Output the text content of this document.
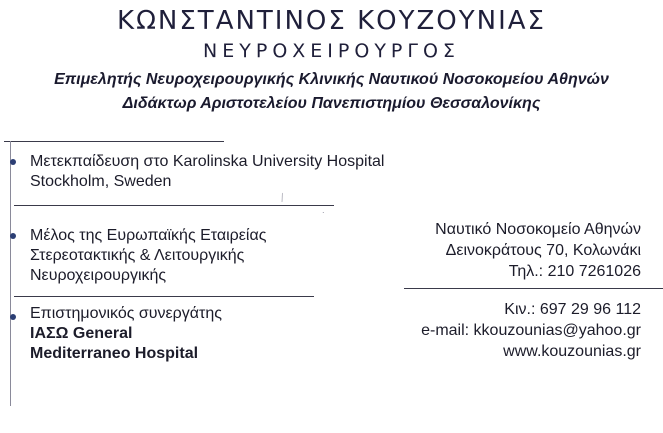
ΚΩΝΣΤΑΝΤΙΝΟΣ ΚΟΥΖΟΥΝΙΑΣ
ΝΕΥΡΟΧΕΙΡΟΥΡΓΟΣ
Επιμελητής Νευροχειρουργικής Κλινικής Ναυτικού Νοσοκομείου Αθηνών
Διδάκτωρ Αριστοτελείου Πανεπιστημίου Θεσσαλονίκης
⁄
˙
Μετεκπαίδευση στο Karolinska University Hospital
Stockholm, Sweden
Μέλος της Ευρωπαϊκής Εταιρείας
Στερεοτακτικής & Λειτουργικής
Νευροχειρουργικής
Επιστημονικός συνεργάτης
ΙΑΣΩ General
Mediterraneo Hospital
Ναυτικό Νοσοκομείο Αθηνών
Δεινοκράτους 70, Κολωνάκι
Τηλ.: 210 7261026
Κιν.: 697 29 96 112
e-mail: kkouzounias@yahoo.gr
www.kouzounias.gr
